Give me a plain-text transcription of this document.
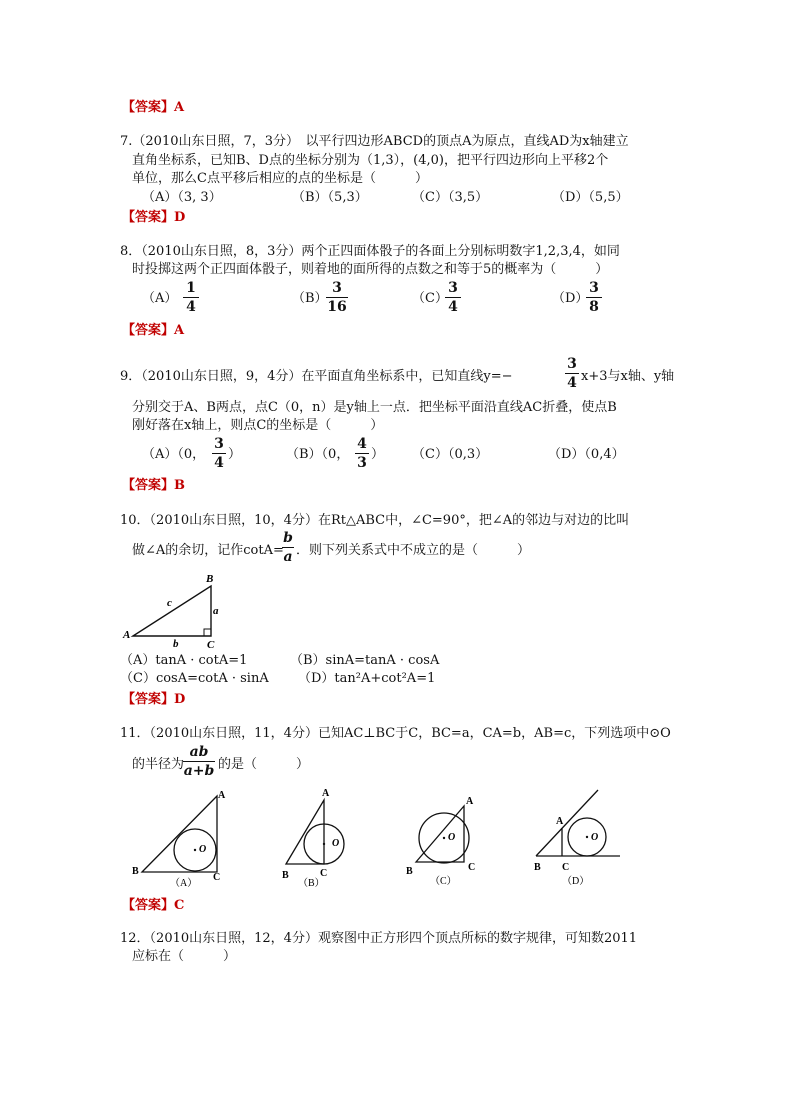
【答案】A
7.（2010山东日照，7，3分）　以平行四边形ABCD的顶点A为原点，直线AD为x轴建立
直角坐标系，已知B、D点的坐标分别为（1,3），(4,0)，把平行四边形向上平移2个
单位，那么C点平移后相应的点的坐标是（　　　）
（A）（3, 3）	（B）（5,3）	（C）（3,5）	（D）（5,5）
【答案】D
8．（2010山东日照，8，3分）两个正四面体骰子的各面上分别标明数字1,2,3,4，如同
时投掷这两个正四面体骰子，则着地的面所得的点数之和等于5的概率为（　　　）
（A）
1
4
（B）
3
16
（C）
3
4
（D）
3
8
【答案】A
9．（2010山东日照，9，4分）在平面直角坐标系中，已知直线y=−
3
4 x+3与x轴、y轴
分别交于A、B两点，点C（0，n）是y轴上一点．把坐标平面沿直线AC折叠，使点B
刚好落在x轴上，则点C的坐标是（　　　）
（A）（0，
3
4
）	（B）（0，
4
3
） （C）（0,3）	（D）（0,4）
【答案】B
10．（2010山东日照，10，4分）在Rt△ABC中，∠C=90°，把∠A的邻边与对边的比叫
做∠A的余切，记作cotA=
b
a ．则下列关系式中不成立的是（　　　）
B
A
C
c
a
b
（A）tanA · cotA=1	（B）sinA=tanA · cosA
（C）cosA=cotA · sinA （D）tan²A+cot²A=1
【答案】D
11．（2010山东日照，11，4分）已知AC⊥BC于C，BC=a，CA=b，AB=c，下列选项中⊙O
的半径为
ab
a+b 的是（　　　）
A
B
C
O
（A）
A
B	C
O
（B）
A
B	C
O
（C）
A
B C
O
（D）
【答案】C
12．（2010山东日照，12，4分）观察图中正方形四个顶点所标的数字规律，可知数2011
应标在（　　　）
